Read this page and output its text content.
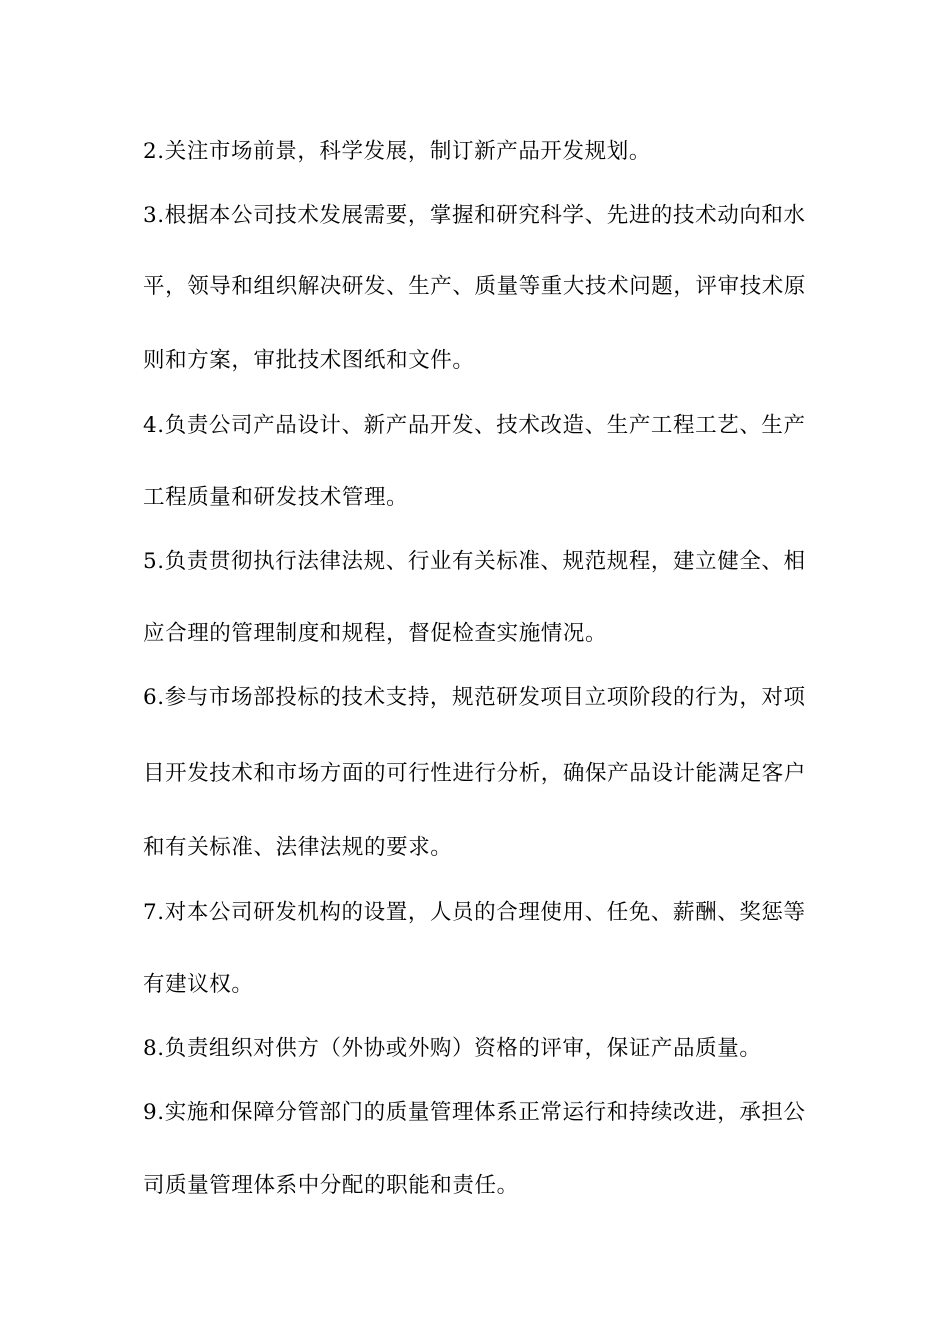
2.关注市场前景，科学发展，制订新产品开发规划。
3.根据本公司技术发展需要，掌握和研究科学、先进的技术动向和水
平，领导和组织解决研发、生产、质量等重大技术问题，评审技术原
则和方案，审批技术图纸和文件。
4.负责公司产品设计、新产品开发、技术改造、生产工程工艺、生产
工程质量和研发技术管理。
5.负责贯彻执行法律法规、行业有关标准、规范规程，建立健全、相
应合理的管理制度和规程，督促检查实施情况。
6.参与市场部投标的技术支持，规范研发项目立项阶段的行为，对项
目开发技术和市场方面的可行性进行分析，确保产品设计能满足客户
和有关标准、法律法规的要求。
7.对本公司研发机构的设置，人员的合理使用、任免、薪酬、奖惩等
有建议权。
8.负责组织对供方（外协或外购）资格的评审，保证产品质量。
9.实施和保障分管部门的质量管理体系正常运行和持续改进，承担公
司质量管理体系中分配的职能和责任。
